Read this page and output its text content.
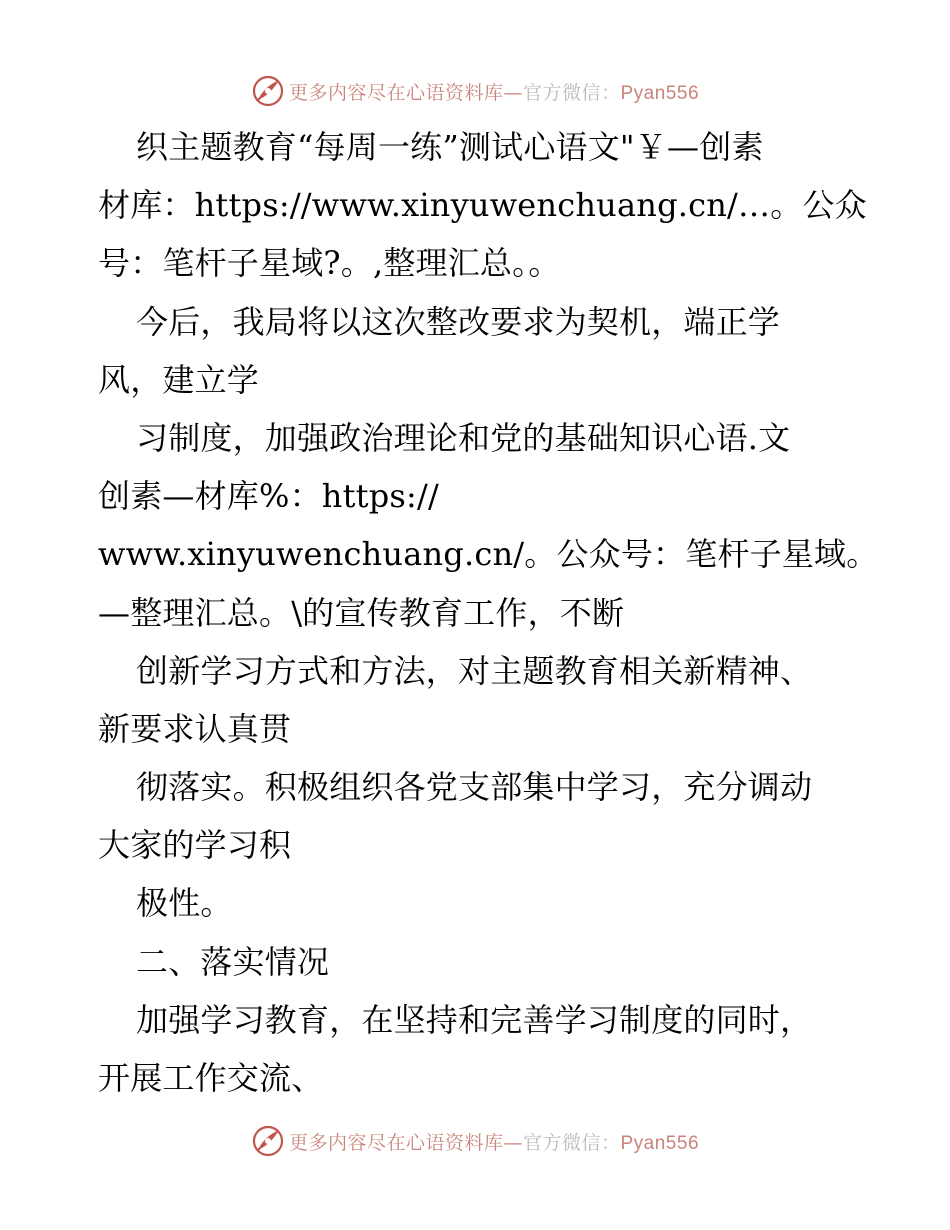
更多内容尽在心语资料库—官方微信：Pyan556
织主题教育“每周一练”测试心语文"￥—创素
材库：https://www.xinyuwenchuang.cn/…。公众
号：笔杆子星域?。,整理汇总。。
今后，我局将以这次整改要求为契机，端正学
风，建立学
习制度，加强政治理论和党的基础知识心语.文
创素—材库%：https://
www.xinyuwenchuang.cn/。公众号：笔杆子星域。
—整理汇总。\的宣传教育工作，不断
创新学习方式和方法，对主题教育相关新精神、
新要求认真贯
彻落实。积极组织各党支部集中学习，充分调动
大家的学习积
极性。
二、落实情况
加强学习教育，在坚持和完善学习制度的同时，
开展工作交流、
更多内容尽在心语资料库—官方微信：Pyan556
